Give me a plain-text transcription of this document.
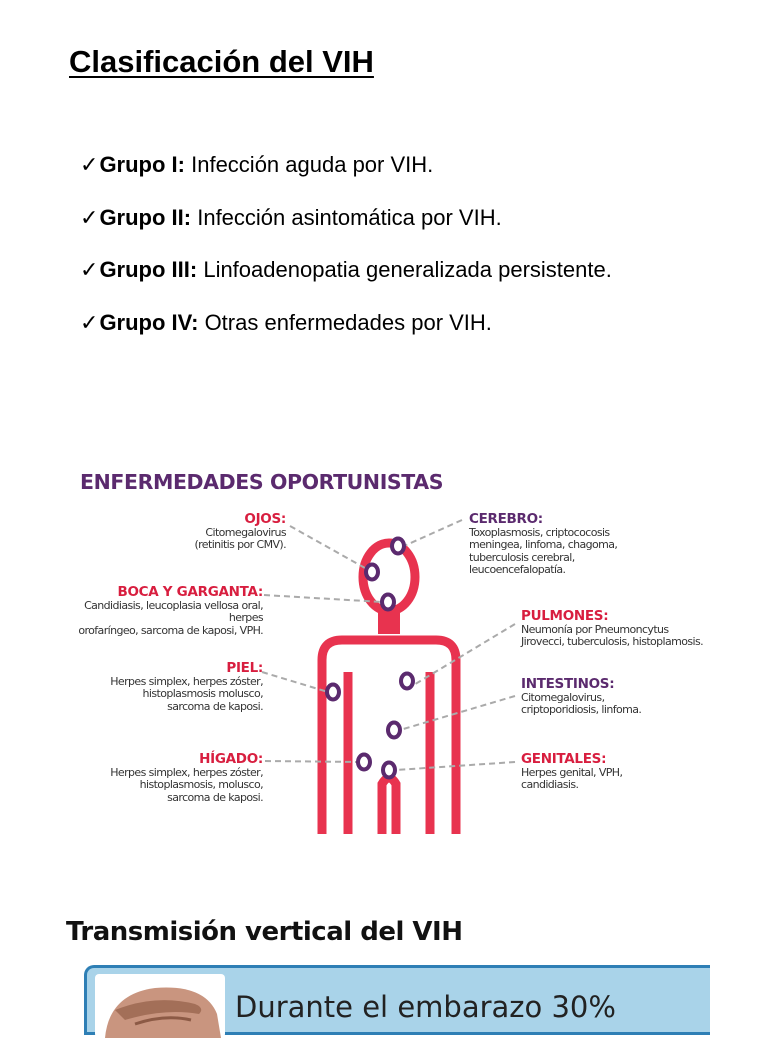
Clasificación del VIH
✓Grupo I: Infección aguda por VIH.
✓Grupo II: Infección asintomática por VIH.
✓Grupo III: Linfoadenopatia generalizada persistente.
✓Grupo IV: Otras enfermedades por VIH.
ENFERMEDADES OPORTUNISTAS
OJOS:
Citomegalovirus
(retinitis por CMV).
BOCA Y GARGANTA:
Candidiasis, leucoplasia vellosa oral, herpes
orofaríngeo, sarcoma de kaposi, VPH.
PIEL:
Herpes simplex, herpes zóster,
histoplasmosis molusco,
sarcoma de kaposi.
HÍGADO:
Herpes simplex, herpes zóster,
histoplasmosis, molusco,
sarcoma de kaposi.
CEREBRO:
Toxoplasmosis, criptococosis
meningea, linfoma, chagoma,
tuberculosis cerebral,
leucoencefalopatía.
PULMONES:
Neumonía por Pneumoncytus
Jirovecci, tuberculosis, histoplamosis.
INTESTINOS:
Citomegalovirus,
criptoporidiosis, linfoma.
GENITALES:
Herpes genital, VPH,
candidiasis.
Transmisión vertical del VIH
Durante el embarazo 30%
